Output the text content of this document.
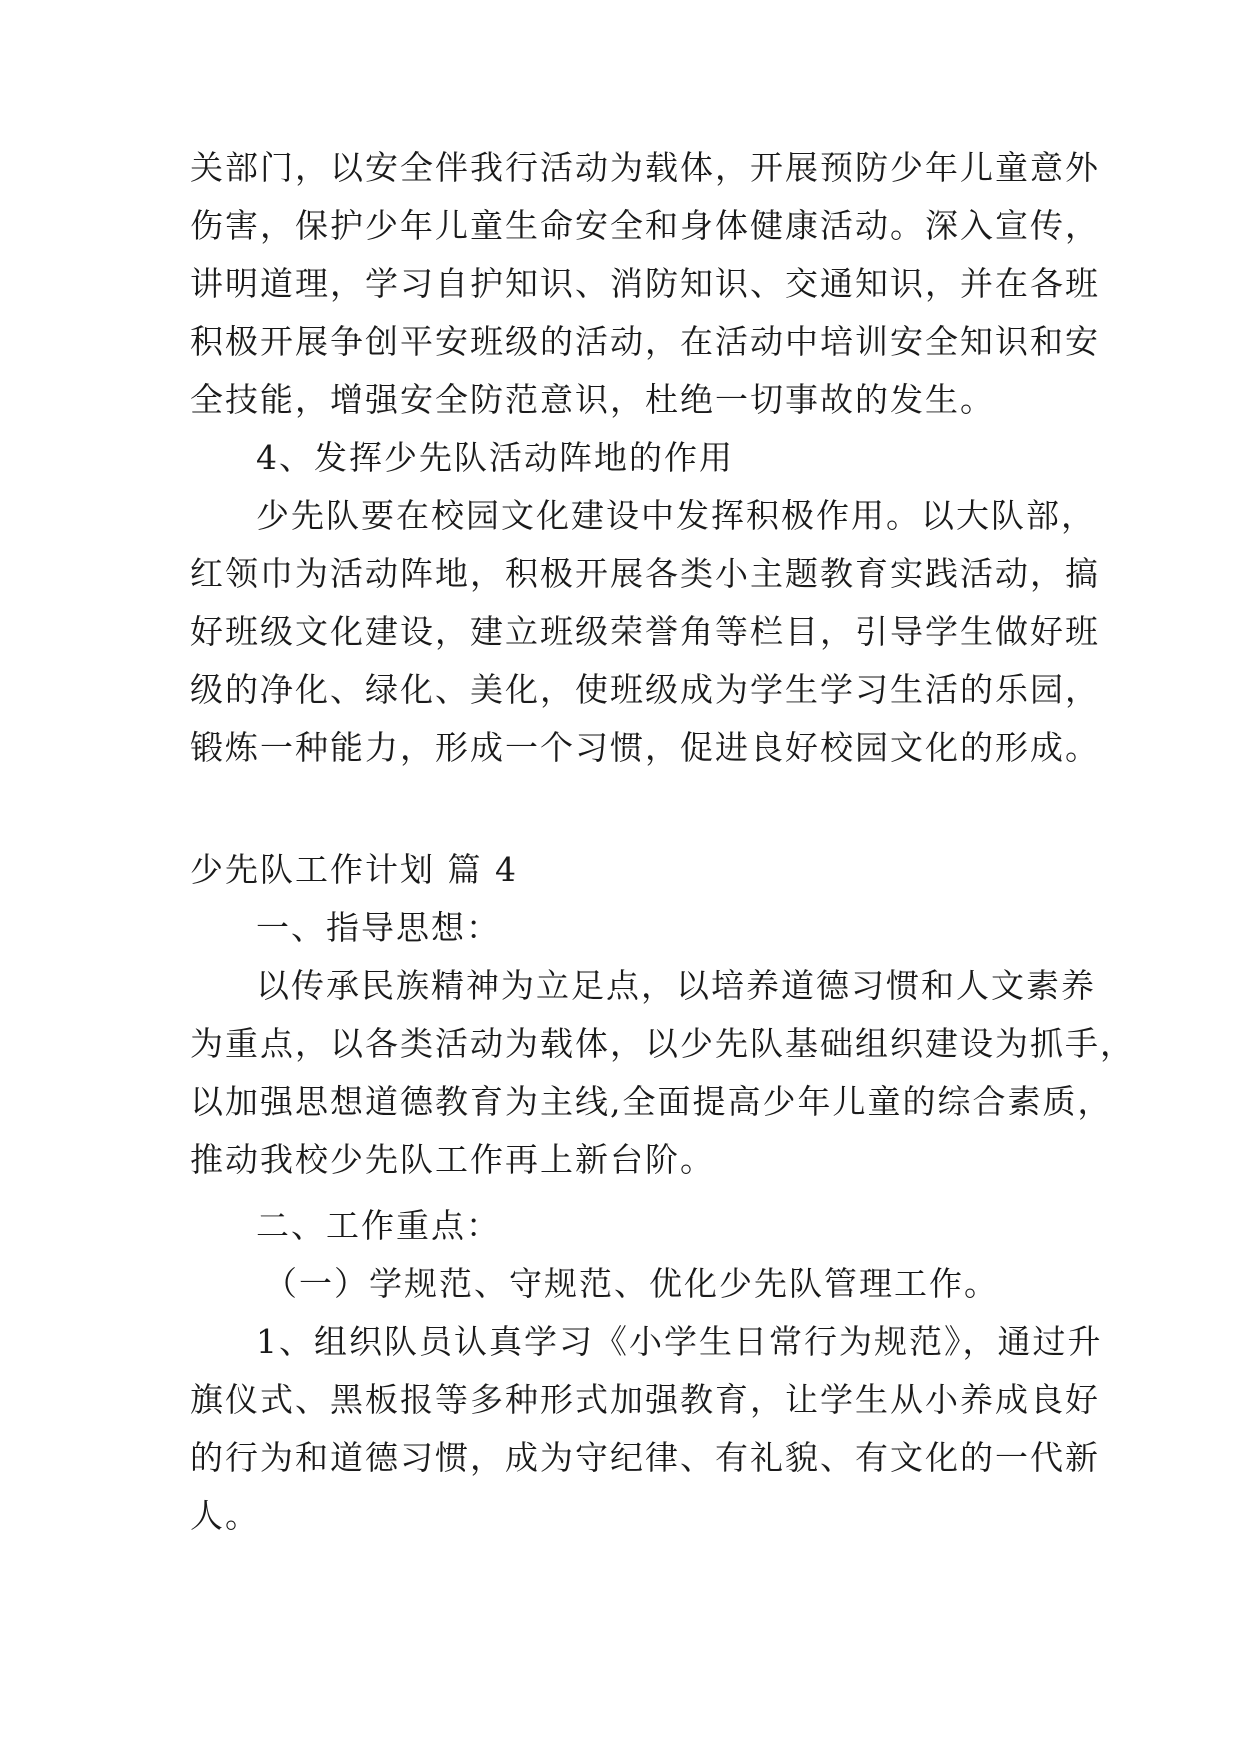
关部门，以安全伴我行活动为载体，开展预防少年儿童意外
伤害，保护少年儿童生命安全和身体健康活动。深入宣传，
讲明道理，学习自护知识、消防知识、交通知识，并在各班
积极开展争创平安班级的活动，在活动中培训安全知识和安
全技能，增强安全防范意识，杜绝一切事故的发生。
4、发挥少先队活动阵地的作用
少先队要在校园文化建设中发挥积极作用。以大队部，
红领巾为活动阵地，积极开展各类小主题教育实践活动，搞
好班级文化建设，建立班级荣誉角等栏目，引导学生做好班
级的净化、绿化、美化，使班级成为学生学习生活的乐园，
锻炼一种能力，形成一个习惯，促进良好校园文化的形成。
少先队工作计划 篇 4
一、指导思想：
以传承民族精神为立足点，以培养道德习惯和人文素养
为重点，以各类活动为载体，以少先队基础组织建设为抓手，
以加强思想道德教育为主线,全面提高少年儿童的综合素质，
推动我校少先队工作再上新台阶。
二、工作重点：
（一）学规范、守规范、优化少先队管理工作。
1、组织队员认真学习《小学生日常行为规范》，通过升
旗仪式、黑板报等多种形式加强教育，让学生从小养成良好
的行为和道德习惯，成为守纪律、有礼貌、有文化的一代新
人。
